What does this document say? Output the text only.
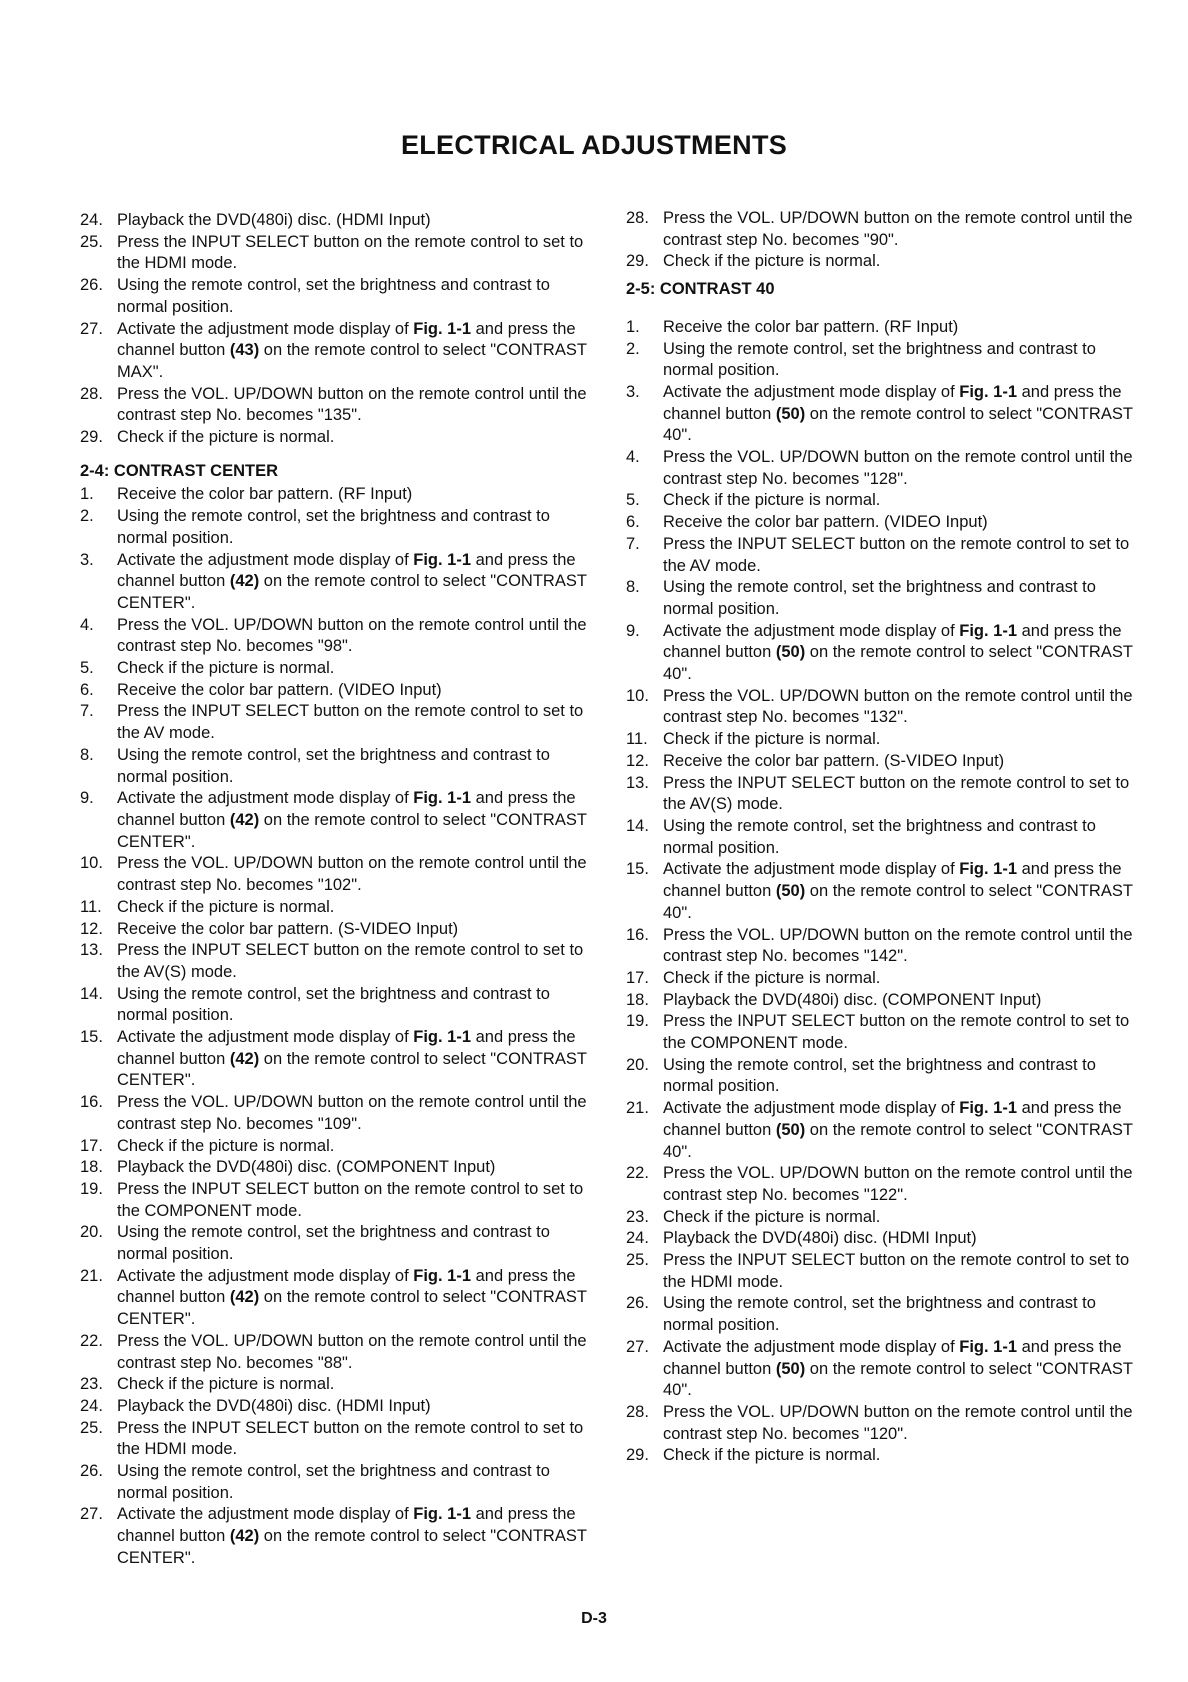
ELECTRICAL ADJUSTMENTS
24. Playback the DVD(480i) disc. (HDMI Input)
25. Press the INPUT SELECT button on the remote control to set to the HDMI mode.
26. Using the remote control, set the brightness and contrast to normal position.
27. Activate the adjustment mode display of Fig. 1-1 and press the channel button (43) on the remote control to select "CONTRAST MAX".
28. Press the VOL. UP/DOWN button on the remote control until the contrast step No. becomes "135".
29. Check if the picture is normal.
2-4: CONTRAST CENTER
1.	Receive the color bar pattern. (RF Input)
2.	Using the remote control, set the brightness and contrast to normal position.
3.	Activate the adjustment mode display of Fig. 1-1 and press the channel button (42) on the remote control to select "CONTRAST CENTER".
4.	Press the VOL. UP/DOWN button on the remote control until the contrast step No. becomes "98".
5.	Check if the picture is normal.
6.	Receive the color bar pattern. (VIDEO Input)
7.	Press the INPUT SELECT button on the remote control to set to the AV mode.
8.	Using the remote control, set the brightness and contrast to normal position.
9.	Activate the adjustment mode display of Fig. 1-1 and press the channel button (42) on the remote control to select "CONTRAST CENTER".
10. Press the VOL. UP/DOWN button on the remote control until the contrast step No. becomes "102".
11. Check if the picture is normal.
12. Receive the color bar pattern. (S-VIDEO Input)
13. Press the INPUT SELECT button on the remote control to set to the AV(S) mode.
14. Using the remote control, set the brightness and contrast to normal position.
15. Activate the adjustment mode display of Fig. 1-1 and press the channel button (42) on the remote control to select "CONTRAST CENTER".
16. Press the VOL. UP/DOWN button on the remote control until the contrast step No. becomes "109".
17. Check if the picture is normal.
18. Playback the DVD(480i) disc. (COMPONENT Input)
19. Press the INPUT SELECT button on the remote control to set to the COMPONENT mode.
20. Using the remote control, set the brightness and contrast to normal position.
21. Activate the adjustment mode display of Fig. 1-1 and press the channel button (42) on the remote control to select "CONTRAST CENTER".
22. Press the VOL. UP/DOWN button on the remote control until the contrast step No. becomes "88".
23. Check if the picture is normal.
24. Playback the DVD(480i) disc. (HDMI Input)
25. Press the INPUT SELECT button on the remote control to set to the HDMI mode.
26. Using the remote control, set the brightness and contrast to normal position.
27. Activate the adjustment mode display of Fig. 1-1 and press the channel button (42) on the remote control to select "CONTRAST CENTER".
28. Press the VOL. UP/DOWN button on the remote control until the contrast step No. becomes "90".
29. Check if the picture is normal.
2-5: CONTRAST 40
1.	Receive the color bar pattern. (RF Input)
2.	Using the remote control, set the brightness and contrast to normal position.
3.	Activate the adjustment mode display of Fig. 1-1 and press the channel button (50) on the remote control to select "CONTRAST 40".
4.	Press the VOL. UP/DOWN button on the remote control until the contrast step No. becomes "128".
5.	Check if the picture is normal.
6.	Receive the color bar pattern. (VIDEO Input)
7.	Press the INPUT SELECT button on the remote control to set to the AV mode.
8.	Using the remote control, set the brightness and contrast to normal position.
9.	Activate the adjustment mode display of Fig. 1-1 and press the channel button (50) on the remote control to select "CONTRAST 40".
10. Press the VOL. UP/DOWN button on the remote control until the contrast step No. becomes "132".
11. Check if the picture is normal.
12. Receive the color bar pattern. (S-VIDEO Input)
13. Press the INPUT SELECT button on the remote control to set to the AV(S) mode.
14. Using the remote control, set the brightness and contrast to normal position.
15. Activate the adjustment mode display of Fig. 1-1 and press the channel button (50) on the remote control to select "CONTRAST 40".
16. Press the VOL. UP/DOWN button on the remote control until the contrast step No. becomes "142".
17. Check if the picture is normal.
18. Playback the DVD(480i) disc. (COMPONENT Input)
19. Press the INPUT SELECT button on the remote control to set to the COMPONENT mode.
20. Using the remote control, set the brightness and contrast to normal position.
21. Activate the adjustment mode display of Fig. 1-1 and press the channel button (50) on the remote control to select "CONTRAST 40".
22. Press the VOL. UP/DOWN button on the remote control until the contrast step No. becomes "122".
23. Check if the picture is normal.
24. Playback the DVD(480i) disc. (HDMI Input)
25. Press the INPUT SELECT button on the remote control to set to the HDMI mode.
26. Using the remote control, set the brightness and contrast to normal position.
27. Activate the adjustment mode display of Fig. 1-1 and press the channel button (50) on the remote control to select "CONTRAST 40".
28. Press the VOL. UP/DOWN button on the remote control until the contrast step No. becomes "120".
29. Check if the picture is normal.
D-3
